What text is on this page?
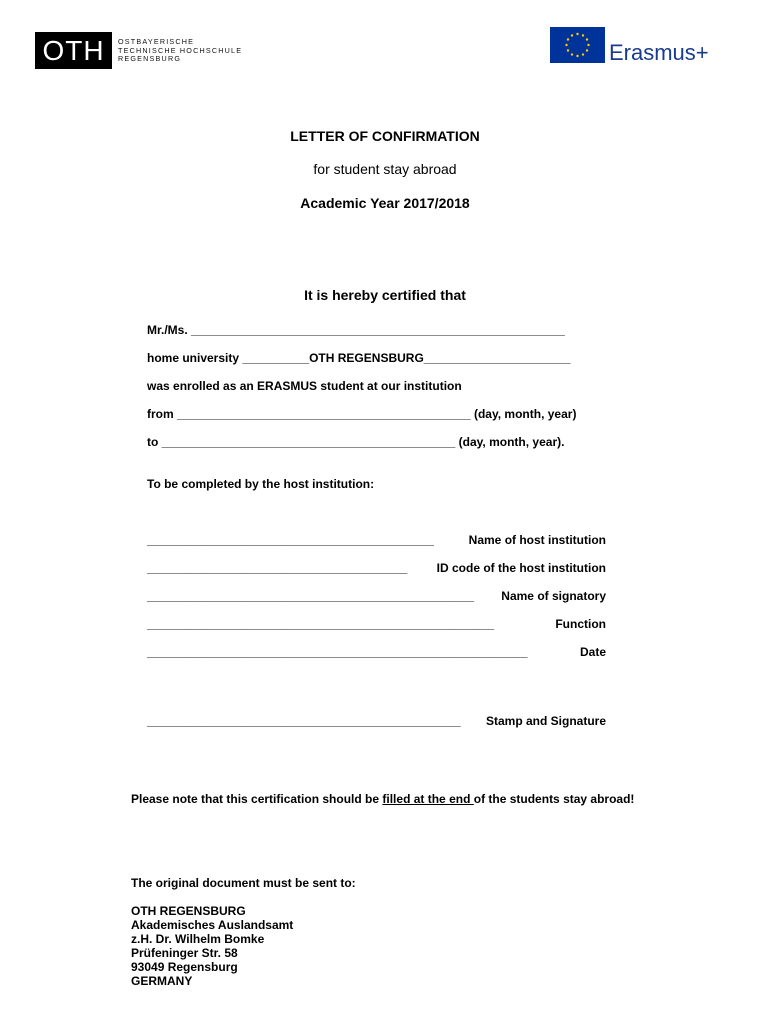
OTH	OSTBAYERISCHE
TECHNISCHE HOCHSCHULE
REGENSBURG	Erasmus+
LETTER OF CONFIRMATION
for student stay abroad
Academic Year 2017/2018
It is hereby certified that
Mr./Ms. ________________________________________________________
home university __________OTH REGENSBURG______________________
was enrolled as an ERASMUS student at our institution
from ____________________________________________ (day, month, year)
to ____________________________________________ (day, month, year).
To be completed by the host institution:
___________________________________________	Name of host institution
_______________________________________ ID code of the host institution
_________________________________________________ Name of signatory
____________________________________________________	Function
_________________________________________________________	Date
_______________________________________________ Stamp and Signature
Please note that this certification should be filled at the end of the students stay abroad!
The original document must be sent to:
OTH REGENSBURG
Akademisches Auslandsamt
z.H. Dr. Wilhelm Bomke
Prüfeninger Str. 58
93049 Regensburg
GERMANY
